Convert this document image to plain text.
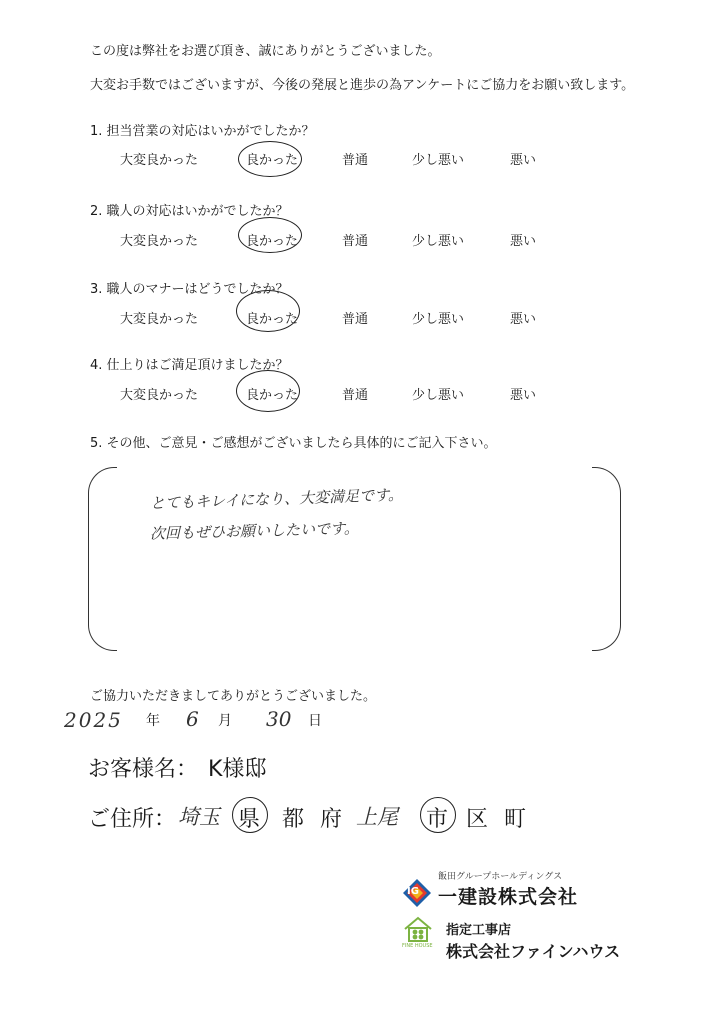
この度は弊社をお選び頂き、誠にありがとうございました。
大変お手数ではございますが、今後の発展と進歩の為アンケートにご協力をお願い致します。
1. 担当営業の対応はいかがでしたか？
大変良かった	良かった	普通	少し悪い	悪い
2. 職人の対応はいかがでしたか？
大変良かった	良かった	普通	少し悪い	悪い
3. 職人のマナーはどうでしたか？
大変良かった	良かった	普通	少し悪い	悪い
4. 仕上りはご満足頂けましたか？
大変良かった	良かった	普通	少し悪い	悪い
5. その他、ご意見・ご感想がございましたら具体的にご記入下さい。
とてもキレイになり、大変満足です。
次回もぜひお願いしたいです。
ご協力いただきましてありがとうございました。
2025 年 6 月 30 日
お客様名： K様邸
ご住所： 埼玉 県 都 府 上尾 市 区 町
飯田グループホールディングス
IG 一建設株式会社
FINE HOUSE
指定工事店
株式会社ファインハウス
